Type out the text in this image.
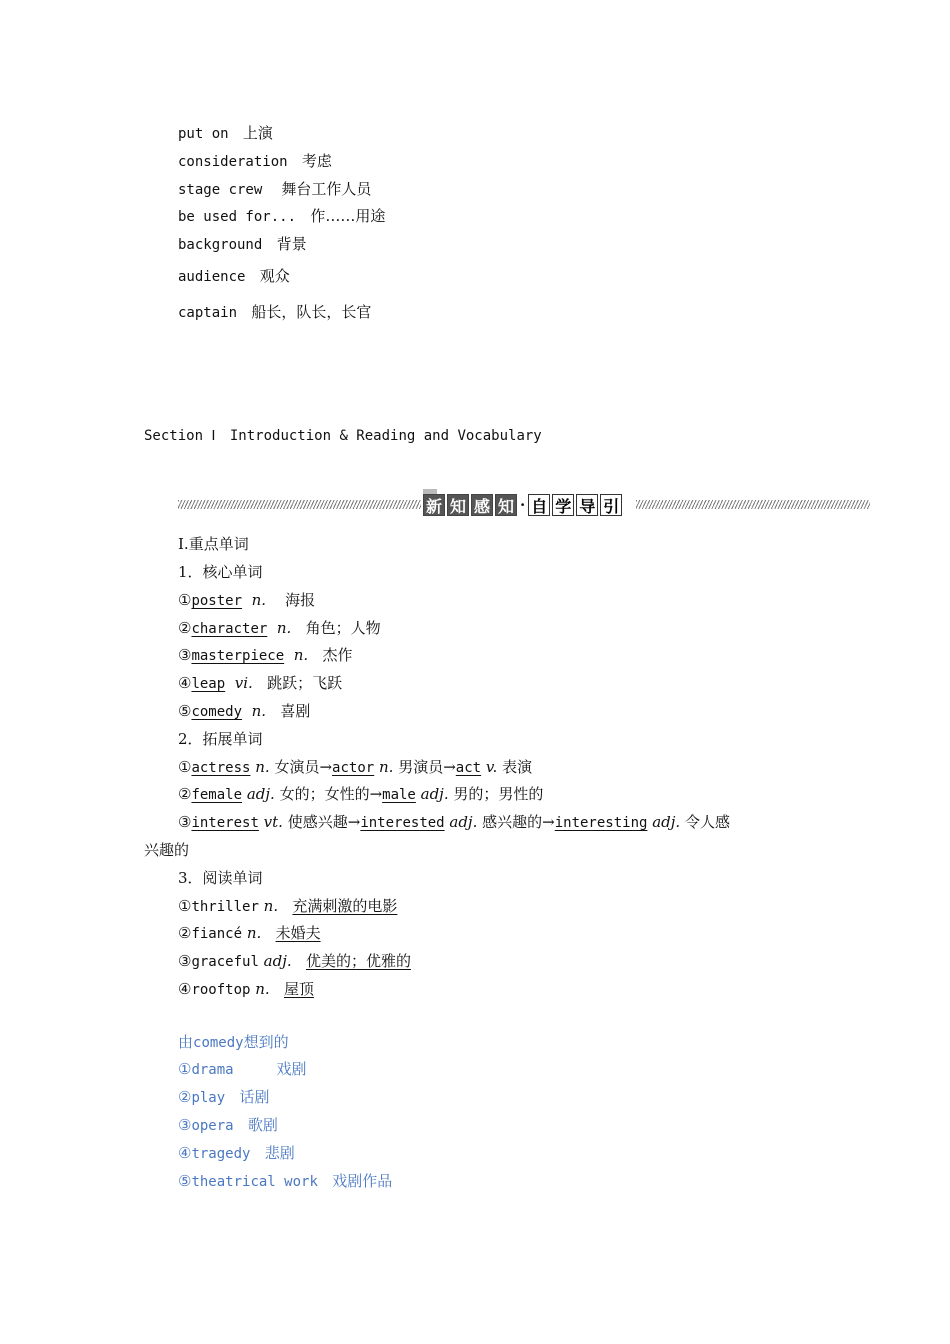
put on 上演
consideration 考虑
stage crew 舞台工作人员
be used for... 作……用途
background 背景
audience 观众
captain 船长，队长，长官
Section Ⅰ Introduction & Reading and Vocabulary
新 知 感 知 · 自 学 导 引
Ⅰ.重点单词
1．核心单词
①poster n. 海报
②character n. 角色；人物
③masterpiece n. 杰作
④leap vi. 跳跃；飞跃
⑤comedy n. 喜剧
2．拓展单词
①actress n. 女演员→actor n. 男演员→act v. 表演
②female adj. 女的；女性的→male adj. 男的；男性的
③interest vt. 使感兴趣→interested adj. 感兴趣的→interesting adj. 令人感
兴趣的
3．阅读单词
①thriller n. 充满刺激的电影
②fiancé n. 未婚夫
③graceful adj. 优美的；优雅的
④rooftop n. 屋顶
由comedy想到的
①drama	戏剧
②play 话剧
③opera 歌剧
④tragedy 悲剧
⑤theatrical work 戏剧作品
